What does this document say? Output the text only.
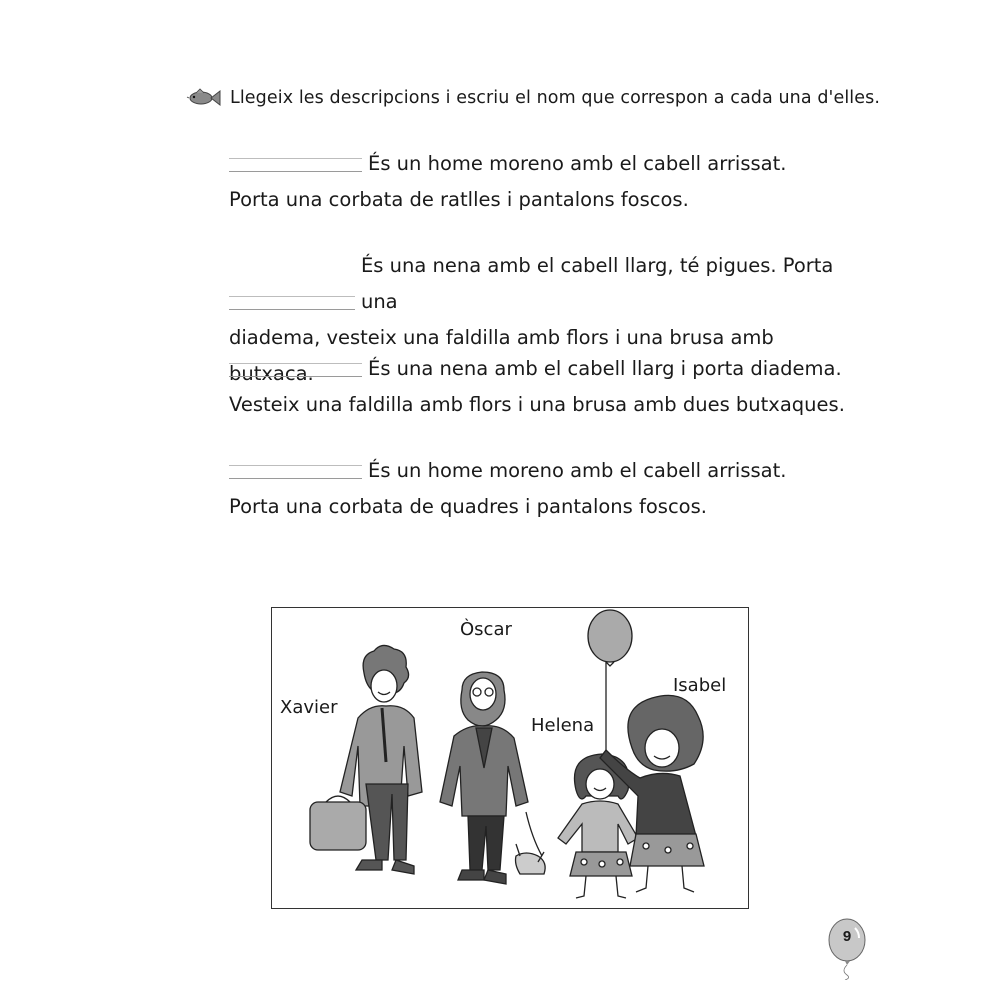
Llegeix les descripcions i escriu el nom que correspon a cada una d'elles.
És un home moreno amb el cabell arrissat.
Porta una corbata de ratlles i pantalons foscos.
És una nena amb el cabell llarg, té pigues. Porta una
diadema, vesteix una faldilla amb flors i una brusa amb butxaca.	És una nena amb el cabell llarg i porta diadema.
Vesteix una faldilla amb flors i una brusa amb dues butxaques.
És un home moreno amb el cabell arrissat.
Porta una corbata de quadres i pantalons foscos.
Òscar
Xavier
Helena
Isabel
9
